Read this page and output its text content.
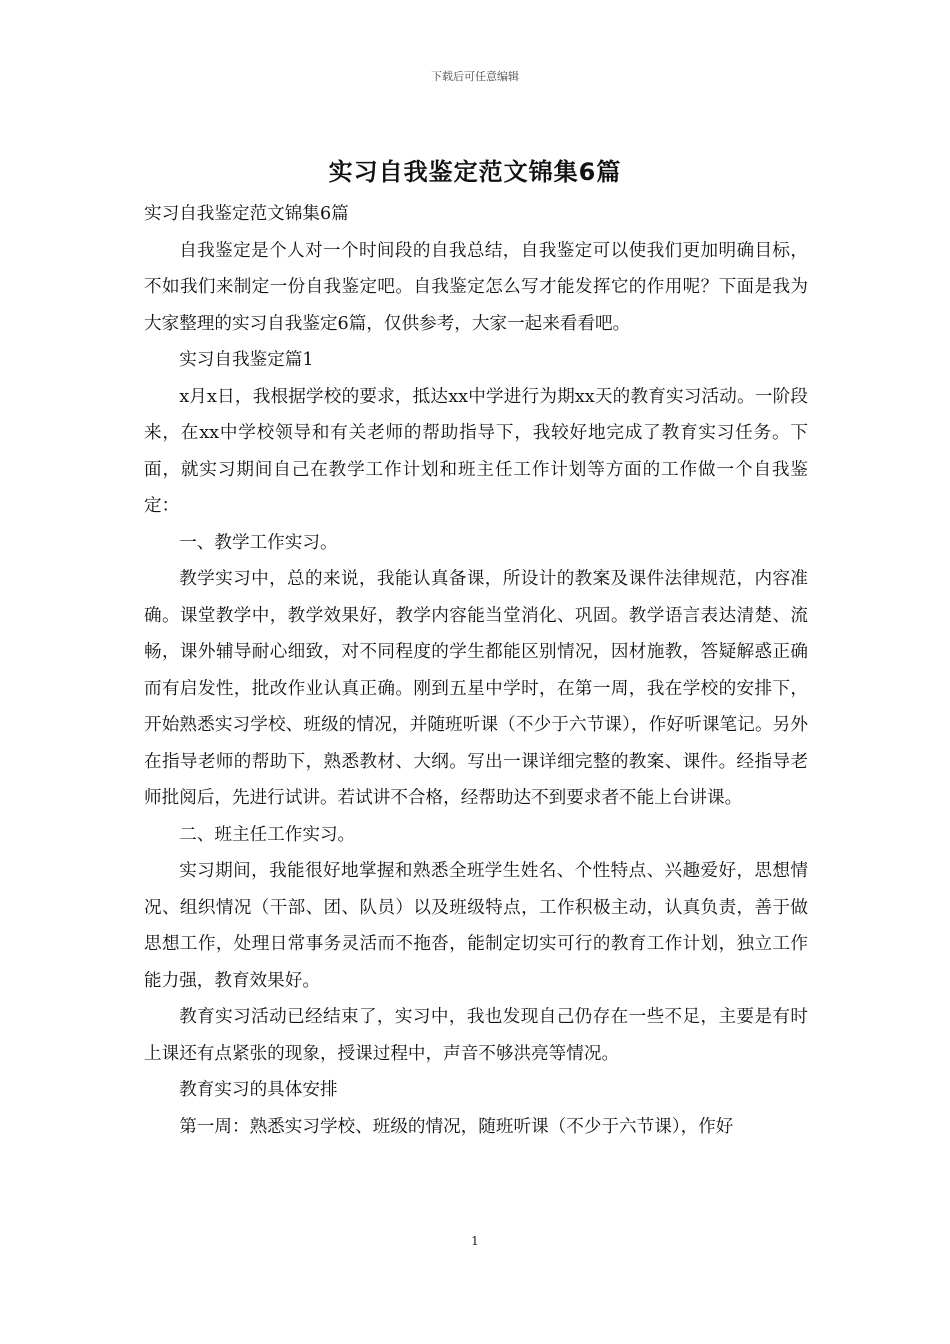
下载后可任意编辑
实习自我鉴定范文锦集6篇

实习自我鉴定范文锦集6篇

自我鉴定是个人对一个时间段的自我总结，自我鉴定可以使我们更加明确目标，不如我们来制定一份自我鉴定吧。自我鉴定怎么写才能发挥它的作用呢？下面是我为大家整理的实习自我鉴定6篇，仅供参考，大家一起来看看吧。

实习自我鉴定篇1

x月x日，我根据学校的要求，抵达xx中学进行为期xx天的教育实习活动。一阶段来，在xx中学校领导和有关老师的帮助指导下，我较好地完成了教育实习任务。下面，就实习期间自己在教学工作计划和班主任工作计划等方面的工作做一个自我鉴定：

一、教学工作实习。

教学实习中，总的来说，我能认真备课，所设计的教案及课件法律规范，内容准确。课堂教学中，教学效果好，教学内容能当堂消化、巩固。教学语言表达清楚、流畅，课外辅导耐心细致，对不同程度的学生都能区别情况，因材施教，答疑解惑正确而有启发性，批改作业认真正确。刚到五星中学时，在第一周，我在学校的安排下，开始熟悉实习学校、班级的情况，并随班听课（不少于六节课），作好听课笔记。另外在指导老师的帮助下，熟悉教材、大纲。写出一课详细完整的教案、课件。经指导老师批阅后，先进行试讲。若试讲不合格，经帮助达不到要求者不能上台讲课。

二、班主任工作实习。

实习期间，我能很好地掌握和熟悉全班学生姓名、个性特点、兴趣爱好，思想情况、组织情况（干部、团、队员）以及班级特点，工作积极主动，认真负责，善于做思想工作，处理日常事务灵活而不拖沓，能制定切实可行的教育工作计划，独立工作能力强，教育效果好。

教育实习活动已经结束了，实习中，我也发现自己仍存在一些不足，主要是有时上课还有点紧张的现象，授课过程中，声音不够洪亮等情况。

教育实习的具体安排

第一周：熟悉实习学校、班级的情况，随班听课（不少于六节课），作好

1
